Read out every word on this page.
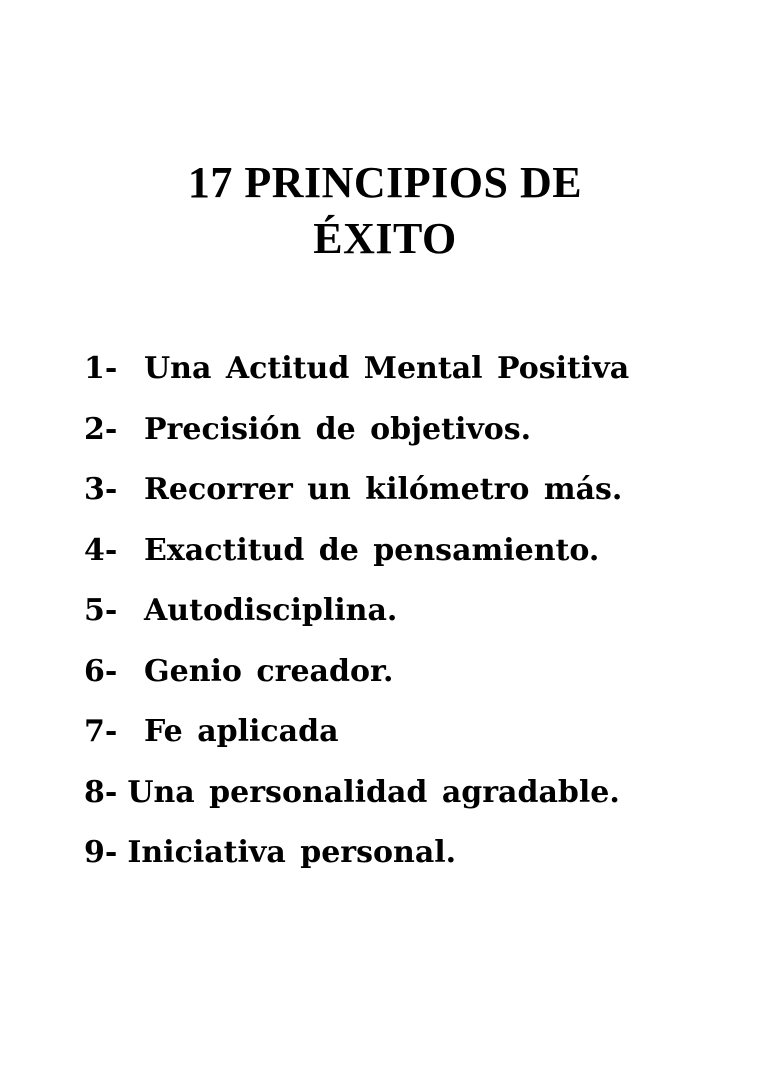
17 PRINCIPIOS DE
ÉXITO
1- Una Actitud Mental Positiva
2- Precisión de objetivos.
3- Recorrer un kilómetro más.
4- Exactitud de pensamiento.
5- Autodisciplina.
6- Genio creador.
7- Fe aplicada
8- Una personalidad agradable.
9- Iniciativa personal.
